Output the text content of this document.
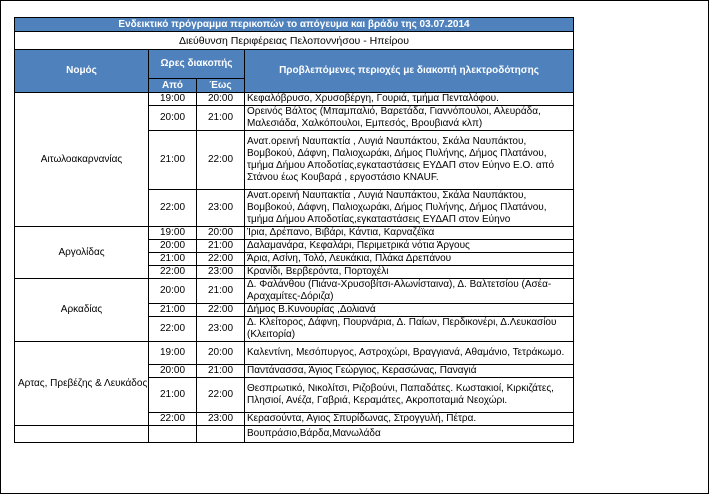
Ενδεικτικό πρόγραμμα περικοπών το απόγευμα και βράδυ της 03.07.2014			
Διεύθυνση Περιφέρειας Πελοποννήσου - Ηπείρου			
Νομός	Ωρες διακοπής		Προβλεπόμενες περιοχές με διακοπή ηλεκτροδότησης
	Από	Έως	
Αιτωλοακαρνανίας	19:00	20:00	Κεφαλόβρυσο, Χρυσοβέργη, Γουριά, τμήμα Πενταλόφου.
	20:00	21:00	Ορεινός Βάλτος (Μπαμπαλιό, Βαρετάδα, Γιαννόπουλοι, Αλευράδα, Μαλεσιάδα, Χαλκόπουλοι, Εμπεσός, Βρουβιανά κλπ)
	21:00	22:00	Ανατ.ορεινή Ναυπακτία , Λυγιά Ναυπάκτου, Σκάλα Ναυπάκτου, Βομβοκού, Δάφνη, Παλιοχωράκι, Δήμος Πυλήνης, Δήμος Πλατάνου, τμήμα Δήμου Αποδοτίας,εγκαταστάσεις ΕΥΔΑΠ στον Εύηνο Ε.Ο. από Στάνου έως Κουβαρά , εργοστάσιο KNAUF.
	22:00	23:00	Ανατ.ορεινή Ναυπακτία , Λυγιά Ναυπάκτου, Σκάλα Ναυπάκτου, Βομβοκού, Δάφνη, Παλιοχωράκι, Δήμος Πυλήνης, Δήμος Πλατάνου, τμήμα Δήμου Αποδοτίας,εγκαταστάσεις ΕΥΔΑΠ στον Εύηνο
Αργολίδας	19:00	20:00	Ίρια, Δρέπανο, Βιβάρι, Κάντια, Καρναζέϊκα
	20:00	21:00	Δαλαμανάρα, Κεφαλάρι, Περιμετρικά νότια Άργους
	21:00	22:00	Άρια, Ασίνη, Τολό, Λευκάκια, Πλάκα Δρεπάνου
	22:00	23:00	Κρανίδι, Βερβερόντα, Πορτοχέλι
Αρκαδίας	20:00	21:00	Δ. Φαλάνθου (Πιάνα-Χρυσοβίτσι-Αλωνίσταινα), Δ. Βαλτετσίου (Ασέα-Αραχαμίτες-Δόριζα)
	21:00	22:00	Δήμος Β.Κυνουρίας ,Δολιανά
	22:00	23:00	Δ. Κλείτορος, Δάφνη, Πουρνάρια, Δ. Παίων, Περδικονέρι, Δ.Λευκασίου (Κλειτορία)
Αρτας, Πρεβέζης & Λευκάδος	19:00	20:00	Καλεντίνη, Μεσόπυργος, Αστροχώρι, Βραγγιανά, Αθαμάνιο, Τετράκωμο.
	20:00	21:00	Παντάνασσα, Άγιος Γεώργιος, Κερασώνας, Παναγιά
	21:00	22:00	Θεσπρωτικό, Νικολίτσι, Ριζοβούνι, Παπαδάτες. Κωστακιοί, Κιρκιζάτες, Πλησιοί, Ανέζα, Γαβριά, Κεραμάτες, Ακροποταμιά Νεοχώρι.
	22:00	23:00	Κερασούντα, Αγιος Σπυρίδωνας, Στρογγυλή, Πέτρα.
			Βουπράσιο,Βάρδα,Μανωλάδα
